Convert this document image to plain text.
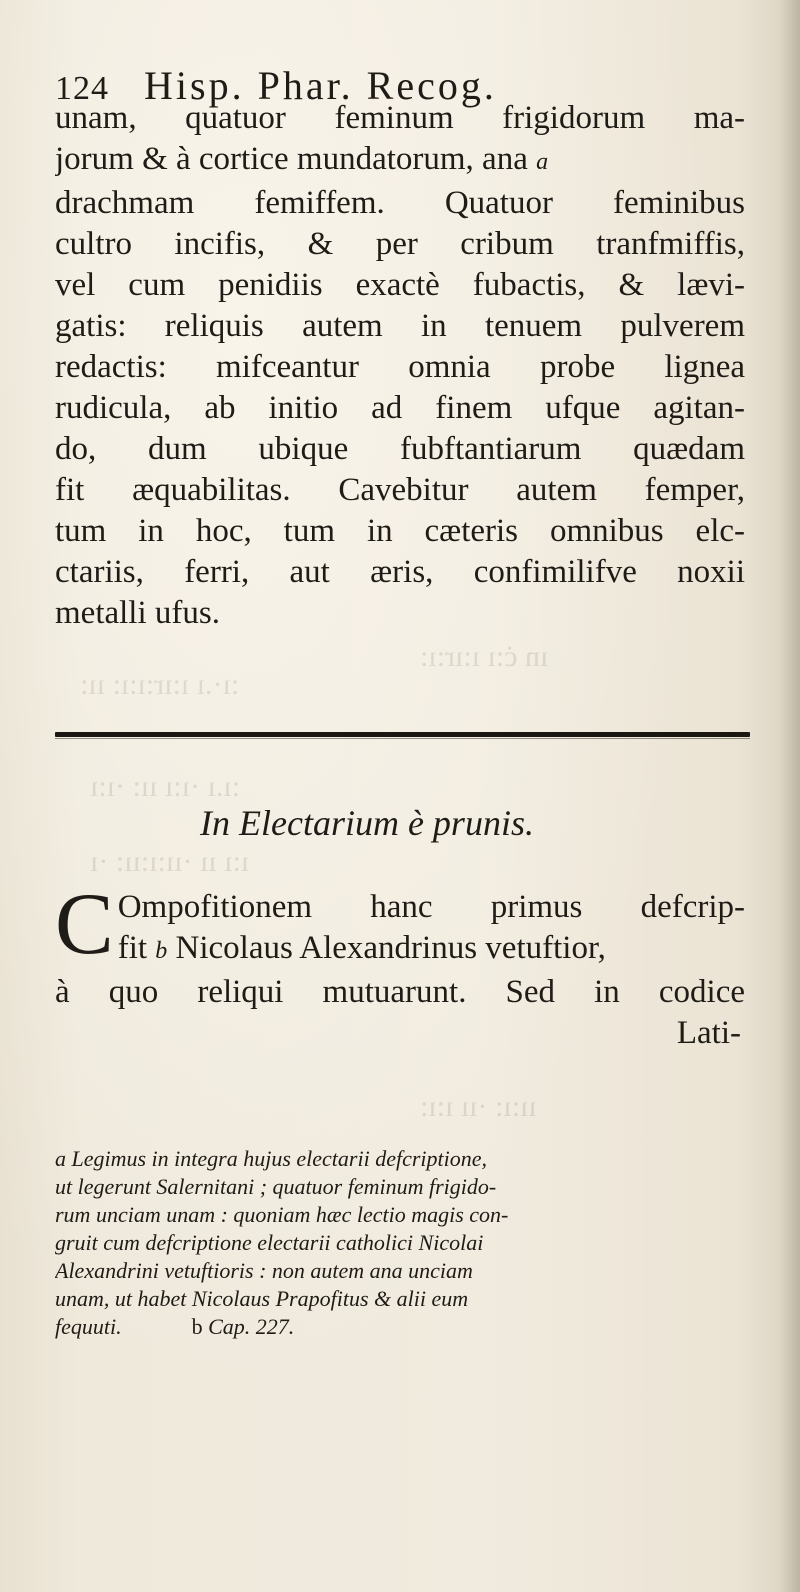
ın ċ:ı ı:ır:ı:
:ı·.ı ı:ır:ı:ı: ıı:
:ı.ı ·ı:ı ıı: ·ı:ı
ı:ı ıı ·ıı:ı:ıı: ·ı
ıı:ı: ·ıı ı:ı:
124 Hisp. Phar. Recog.
unam, quatuor feminum frigidorum ma-
jorum & à cortice mundatorum, ana a
drachmam femiffem. Quatuor feminibus
cultro incifis, & per cribum tranfmiffis,
vel cum penidiis exactè fubactis, & lævi-
gatis: reliquis autem in tenuem pulverem
redactis: mifceantur omnia probe lignea
rudicula, ab initio ad finem ufque agitan-
do, dum ubique fubftantiarum quædam
fit æquabilitas. Cavebitur autem femper,
tum in hoc, tum in cæteris omnibus elc-
ctariis, ferri, aut æris, confimilifve noxii
metalli ufus.
In Electarium è prunis.
C Ompofitionem hanc primus defcrip-
fit b Nicolaus Alexandrinus vetuftior,
à quo reliqui mutuarunt. Sed in codice
Lati-
a Legimus in integra hujus electarii defcriptione,
ut legerunt Salernitani ; quatuor feminum frigido-
rum unciam unam : quoniam hæc lectio magis con-
gruit cum defcriptione electarii catholici Nicolai
Alexandrini vetuftioris : non autem ana unciam
unam, ut habet Nicolaus Prapofitus & alii eum
fequuti.	b Cap. 227.
